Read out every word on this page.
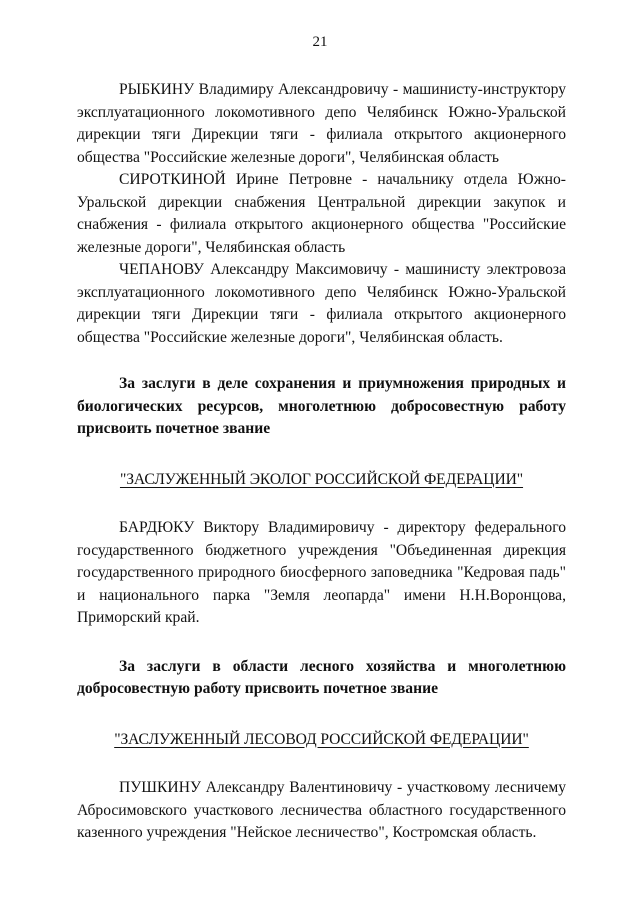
21

РЫБКИНУ Владимиру Александровичу - машинисту-инструктору эксплуатационного локомотивного депо Челябинск Южно-Уральской дирекции тяги Дирекции тяги - филиала открытого акционерного общества "Российские железные дороги", Челябинская область

СИРОТКИНОЙ Ирине Петровне - начальнику отдела Южно-Уральской дирекции снабжения Центральной дирекции закупок и снабжения - филиала открытого акционерного общества "Российские железные дороги", Челябинская область

ЧЕПАНОВУ Александру Максимовичу - машинисту электровоза эксплуатационного локомотивного депо Челябинск Южно-Уральской дирекции тяги Дирекции тяги - филиала открытого акционерного общества "Российские железные дороги", Челябинская область.

За заслуги в деле сохранения и приумножения природных и биологических ресурсов, многолетнюю добросовестную работу присвоить почетное звание

"ЗАСЛУЖЕННЫЙ ЭКОЛОГ РОССИЙСКОЙ ФЕДЕРАЦИИ"

БАРДЮКУ Виктору Владимировичу - директору федерального государственного бюджетного учреждения "Объединенная дирекция государственного природного биосферного заповедника "Кедровая падь" и национального парка "Земля леопарда" имени Н.Н.Воронцова, Приморский край.

За заслуги в области лесного хозяйства и многолетнюю добросовестную работу присвоить почетное звание

"ЗАСЛУЖЕННЫЙ ЛЕСОВОД РОССИЙСКОЙ ФЕДЕРАЦИИ"

ПУШКИНУ Александру Валентиновичу - участковому лесничему Абросимовского участкового лесничества областного государственного казенного учреждения "Нейское лесничество", Костромская область.
